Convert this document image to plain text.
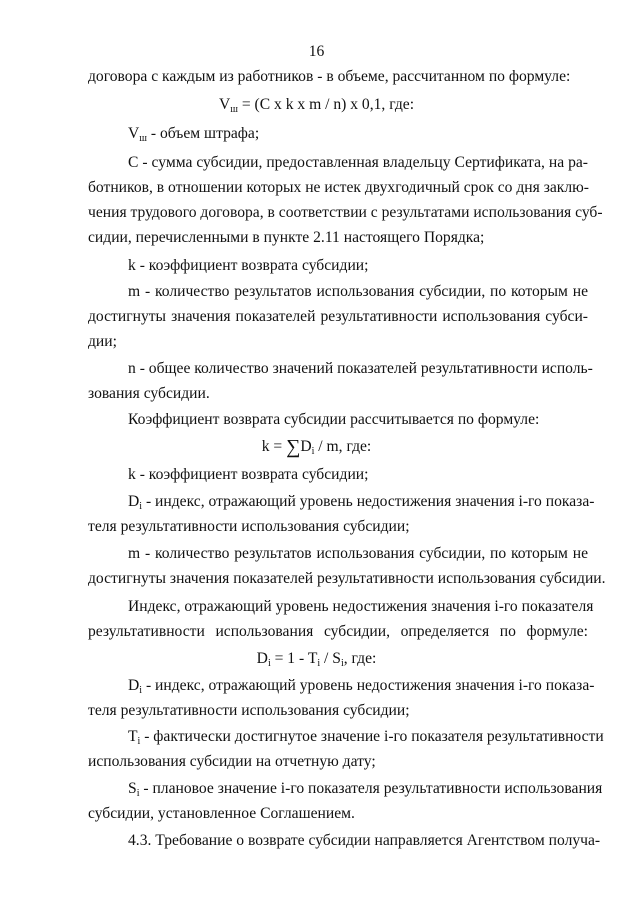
16
договора с каждым из работников - в объеме, рассчитанном по формуле:
$V_ш = (C$ x k x m / n) x 0,1, где:
$V_ш$ - объем штрафа;
С - сумма субсидии, предоставленная владельцу Сертификата, на ра-
ботников, в отношении которых не истек двухгодичный срок со дня заклю-
чения трудового договора, в соответствии с результатами использования суб-
сидии, перечисленными в пункте 2.11 настоящего Порядка;
k - коэффициент возврата субсидии;
m - количество результатов использования субсидии, по которым не
достигнуты значения показателей результативности использования субси-
дии;
n - общее количество значений показателей результативности исполь-
зования субсидии.
Коэффициент возврата субсидии рассчитывается по формуле:
$k = \sum D_i / m$, где:
k - коэффициент возврата субсидии;
$D_i$ - индекс, отражающий уровень недостижения значения i-го показа-
теля результативности использования субсидии;
m - количество результатов использования субсидии, по которым не
достигнуты значения показателей результативности использования субсидии.
Индекс, отражающий уровень недостижения значения i-го показателя
результативности использования субсидии, определяется по формуле:
$D_i = 1 - T_i / S_i$, где:
$D_i$ - индекс, отражающий уровень недостижения значения i-го показа-
теля результативности использования субсидии;
$T_i$ - фактически достигнутое значение i-го показателя результативности
использования субсидии на отчетную дату;
$S_i$ - плановое значение i-го показателя результативности использования
субсидии, установленное Соглашением.
4.3. Требование о возврате субсидии направляется Агентством получа-
